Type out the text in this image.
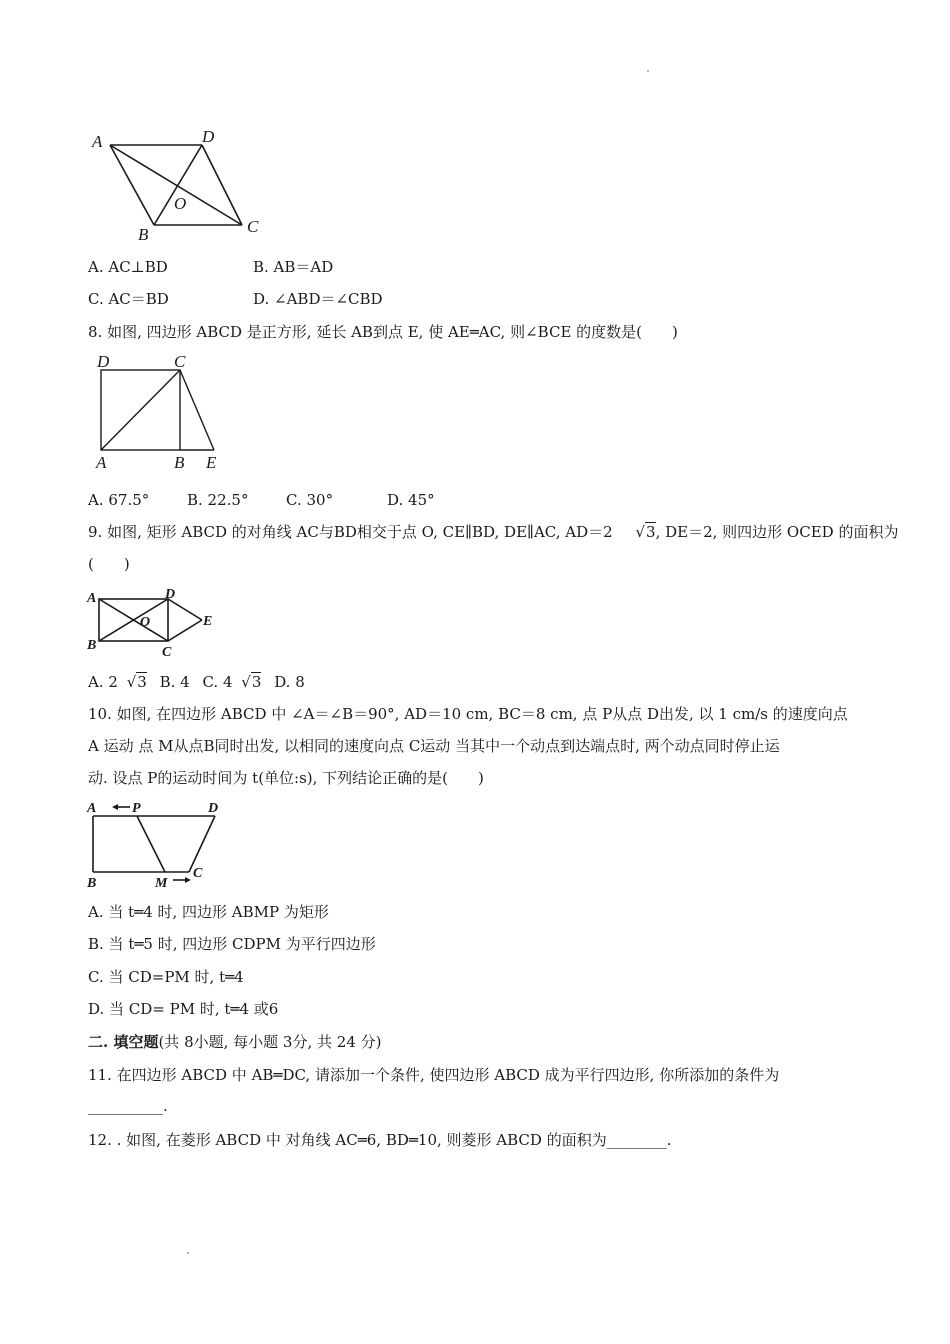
A	D
O
B	C
A. AC⊥BD	B. AB＝AD
C. AC＝BD	D. ∠ABD＝∠CBD
8. 如图, 四边形 ABCD 是正方形, 延长 AB到点 E, 使 AE═AC, 则∠BCE 的度数是(　　)
D	C
A	B E
A. 67.5°	B. 22.5°	C. 30°	D. 45°
9. 如图, 矩形 ABCD 的对角线 AC与BD相交于点 O, CE∥BD, DE∥AC, AD＝2 √3, DE＝2, 则四边形 OCED 的面积为
(　　)
A	D
O	E
B	C
A. 2 √3 B. 4 C. 4 √3 D. 8
10. 如图, 在四边形 ABCD 中 ∠A＝∠B＝90°, AD＝10 cm, BC＝8 cm, 点 P从点 D出发, 以 1 cm/s 的速度向点
A 运动 点 M从点B同时出发, 以相同的速度向点 C运动 当其中一个动点到达端点时, 两个动点同时停止运
动. 设点 P的运动时间为 t(单位:s), 下列结论正确的是(　　)
A	P	D
B	M
C
A. 当 t═4 时, 四边形 ABMP 为矩形
B. 当 t═5 时, 四边形 CDPM 为平行四边形
C. 当 CD=PM 时, t═4
D. 当 CD= PM 时, t═4 或6
二. 填空题(共 8小题, 每小题 3分, 共 24 分)
11. 在四边形 ABCD 中 AB═DC, 请添加一个条件, 使四边形 ABCD 成为平行四边形, 你所添加的条件为
__________.
12. . 如图, 在菱形 ABCD 中 对角线 AC═6, BD═10, 则菱形 ABCD 的面积为________.
